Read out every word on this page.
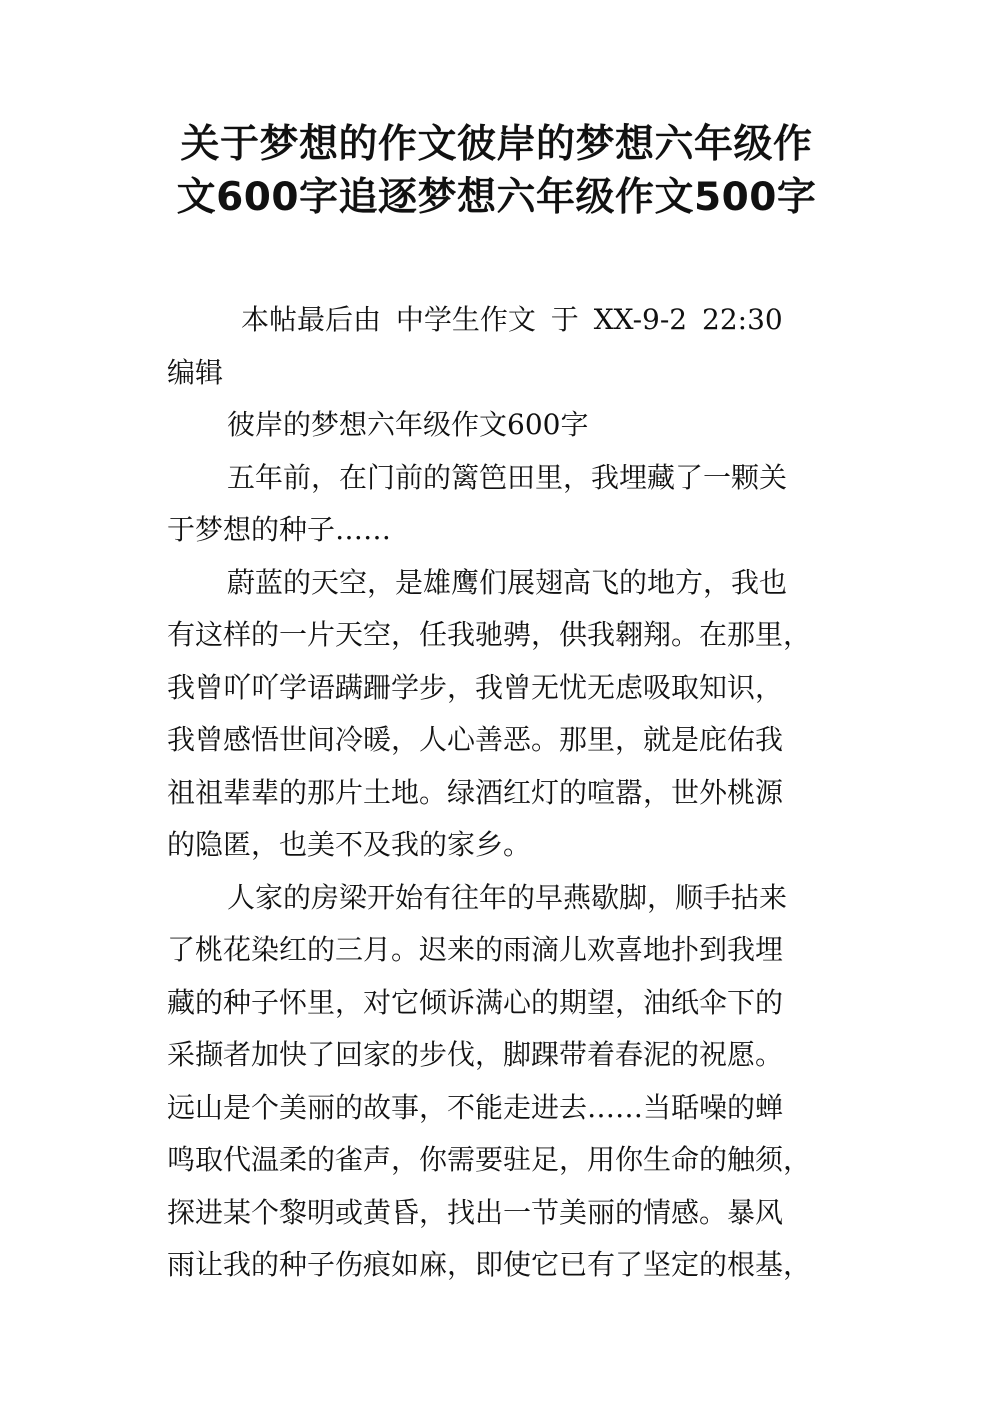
关于梦想的作文彼岸的梦想六年级作
文600字追逐梦想六年级作文500字
本帖最后由 中学生作文 于 XX-9-2 22:30
编辑
彼岸的梦想六年级作文600字
五年前，在门前的篱笆田里，我埋藏了一颗关
于梦想的种子……
蔚蓝的天空，是雄鹰们展翅高飞的地方，我也
有这样的一片天空，任我驰骋，供我翱翔。在那里，
我曾吖吖学语蹒跚学步，我曾无忧无虑吸取知识，
我曾感悟世间冷暖，人心善恶。那里，就是庇佑我
祖祖辈辈的那片土地。绿酒红灯的喧嚣，世外桃源
的隐匿，也美不及我的家乡。
人家的房梁开始有往年的早燕歇脚，顺手拈来
了桃花染红的三月。迟来的雨滴儿欢喜地扑到我埋
藏的种子怀里，对它倾诉满心的期望，油纸伞下的
采撷者加快了回家的步伐，脚踝带着春泥的祝愿。
远山是个美丽的故事，不能走进去……当聒噪的蝉
鸣取代温柔的雀声，你需要驻足，用你生命的触须，
探进某个黎明或黄昏，找出一节美丽的情感。暴风
雨让我的种子伤痕如麻，即使它已有了坚定的根基，
